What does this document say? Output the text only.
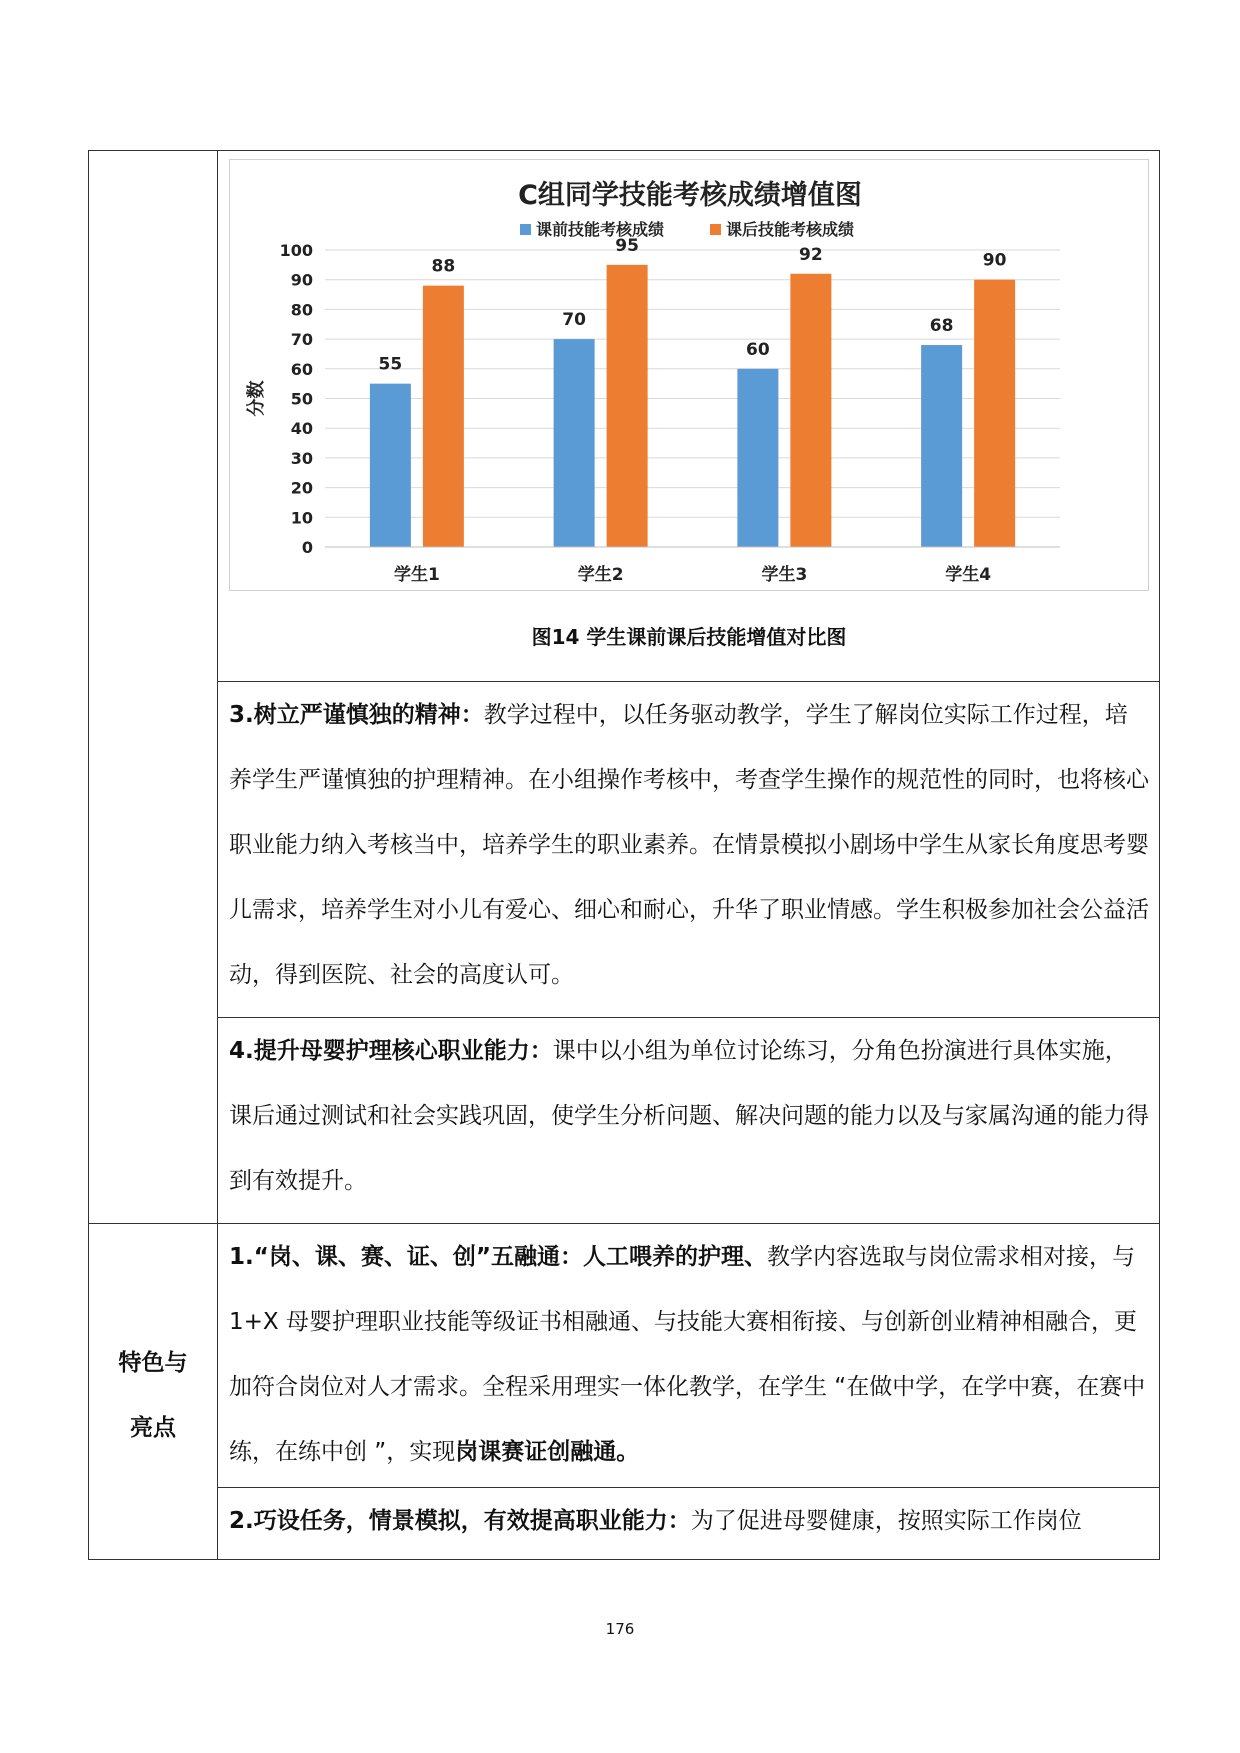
C组同学技能考核成绩增值图
课前技能考核成绩	课后技能考核成绩
0
10
20
30
40
50
60
70
80
90
100
分数
55
88
学生1
70
95
学生2
60
92
学生3
68
90
学生4
图14 学生课前课后技能增值对比图
3.树立严谨慎独的精神：教学过程中，以任务驱动教学，学生了解岗位实际工作过程，培养学生严谨慎独的护理精神。在小组操作考核中，考查学生操作的规范性的同时，也将核心职业能力纳入考核当中，培养学生的职业素养。在情景模拟小剧场中学生从家长角度思考婴儿需求，培养学生对小儿有爱心、细心和耐心，升华了职业情感。学生积极参加社会公益活动，得到医院、社会的高度认可。
4.提升母婴护理核心职业能力：课中以小组为单位讨论练习，分角色扮演进行具体实施，课后通过测试和社会实践巩固，使学生分析问题、解决问题的能力以及与家属沟通的能力得到有效提升。
特色与
亮点
1.“岗、课、赛、证、创”五融通：人工喂养的护理、教学内容选取与岗位需求相对接，与 1+X 母婴护理职业技能等级证书相融通、与技能大赛相衔接、与创新创业精神相融合，更加符合岗位对人才需求。全程采用理实一体化教学，在学生 “在做中学，在学中赛，在赛中练，在练中创 ”，实现岗课赛证创融通。
2.巧设任务，情景模拟，有效提高职业能力：为了促进母婴健康，按照实际工作岗位
176
